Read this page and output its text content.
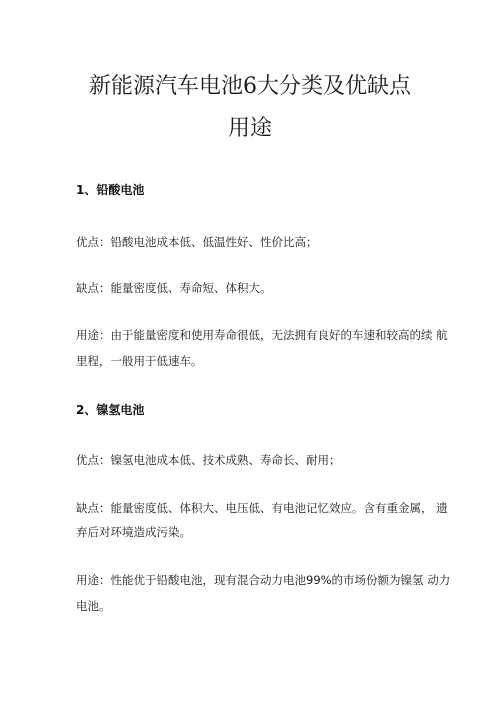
新能源汽车电池6大分类及优缺点
用途
1、铅酸电池
优点：铅酸电池成本低、低温性好、性价比高；
缺点：能量密度低、寿命短、体积大。
用途：由于能量密度和使用寿命很低，无法拥有良好的车速和较高的续 航
里程，一般用于低速车。
2、镍氢电池
优点：镍氢电池成本低、技术成熟、寿命长、耐用；
缺点：能量密度低、体积大、电压低、有电池记忆效应。含有重金属， 遗
弃后对环境造成污染。
用途：性能优于铅酸电池，现有混合动力电池99%的市场份额为镍氢 动力
电池。
